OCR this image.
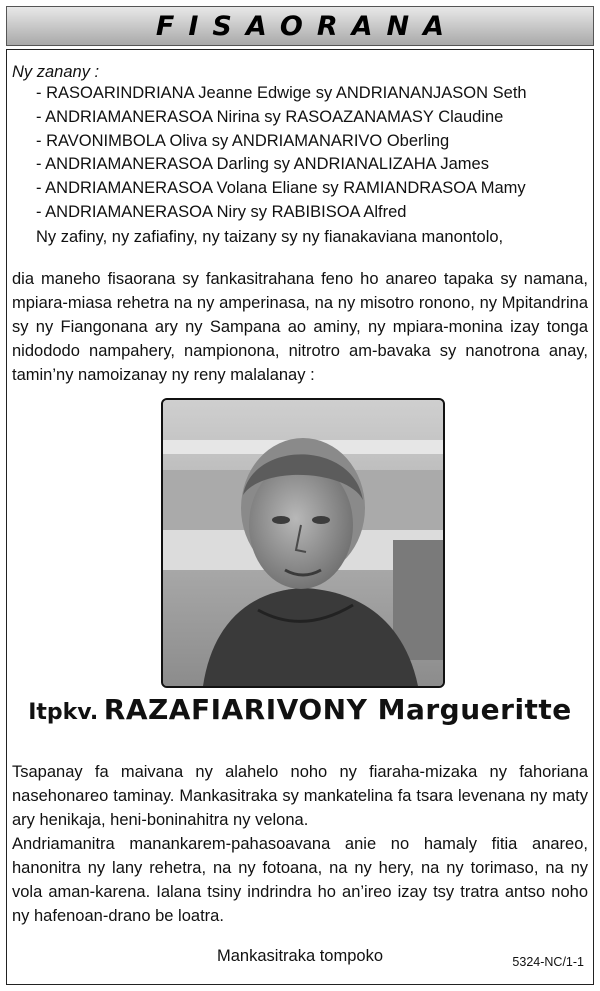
FISAORANA
Ny zanany :
- RASOARINDRIANA Jeanne Edwige sy ANDRIANANJASON Seth
- ANDRIAMANERASOA Nirina sy RASOAZANAMASY Claudine
- RAVONIMBOLA Oliva sy ANDRIAMANARIVO Oberling
- ANDRIAMANERASOA Darling sy ANDRIANALIZAHA James
- ANDRIAMANERASOA Volana Eliane sy RAMIANDRASOA Mamy
- ANDRIAMANERASOA Niry sy RABIBISOA Alfred
Ny zafiny, ny zafiafiny, ny taizany sy ny fianakaviana manontolo,
dia maneho fisaorana sy fankasitrahana feno ho anareo tapaka sy namana, mpiara-miasa rehetra na ny amperinasa, na ny misotro ronono, ny Mpitandrina sy ny Fiangonana ary ny Sampana ao aminy, ny mpiara-monina izay tonga nidododo nampahery, nampionona, nitrotro am-bavaka sy nanotrona anay, tamin’ny namoizanay ny reny malalanay :
Itpkv. RAZAFIARIVONY Margueritte

Tsapanay fa maivana ny alahelo noho ny fiaraha-mizaka ny fahoriana nasehonareo taminay. Mankasitraka sy mankatelina fa tsara levenana ny maty ary henikaja, heni-boninahitra ny velona.

Andriamanitra manankarem-pahasoavana anie no hamaly fitia anareo, hanonitra ny lany rehetra, na ny fotoana, na ny hery, na ny torimaso, na ny vola aman-karena. Ialana tsiny indrindra ho an’ireo izay tsy tratra antso noho ny hafenoan-drano be loatra.

Mankasitraka tompoko	5324-NC/1-1
